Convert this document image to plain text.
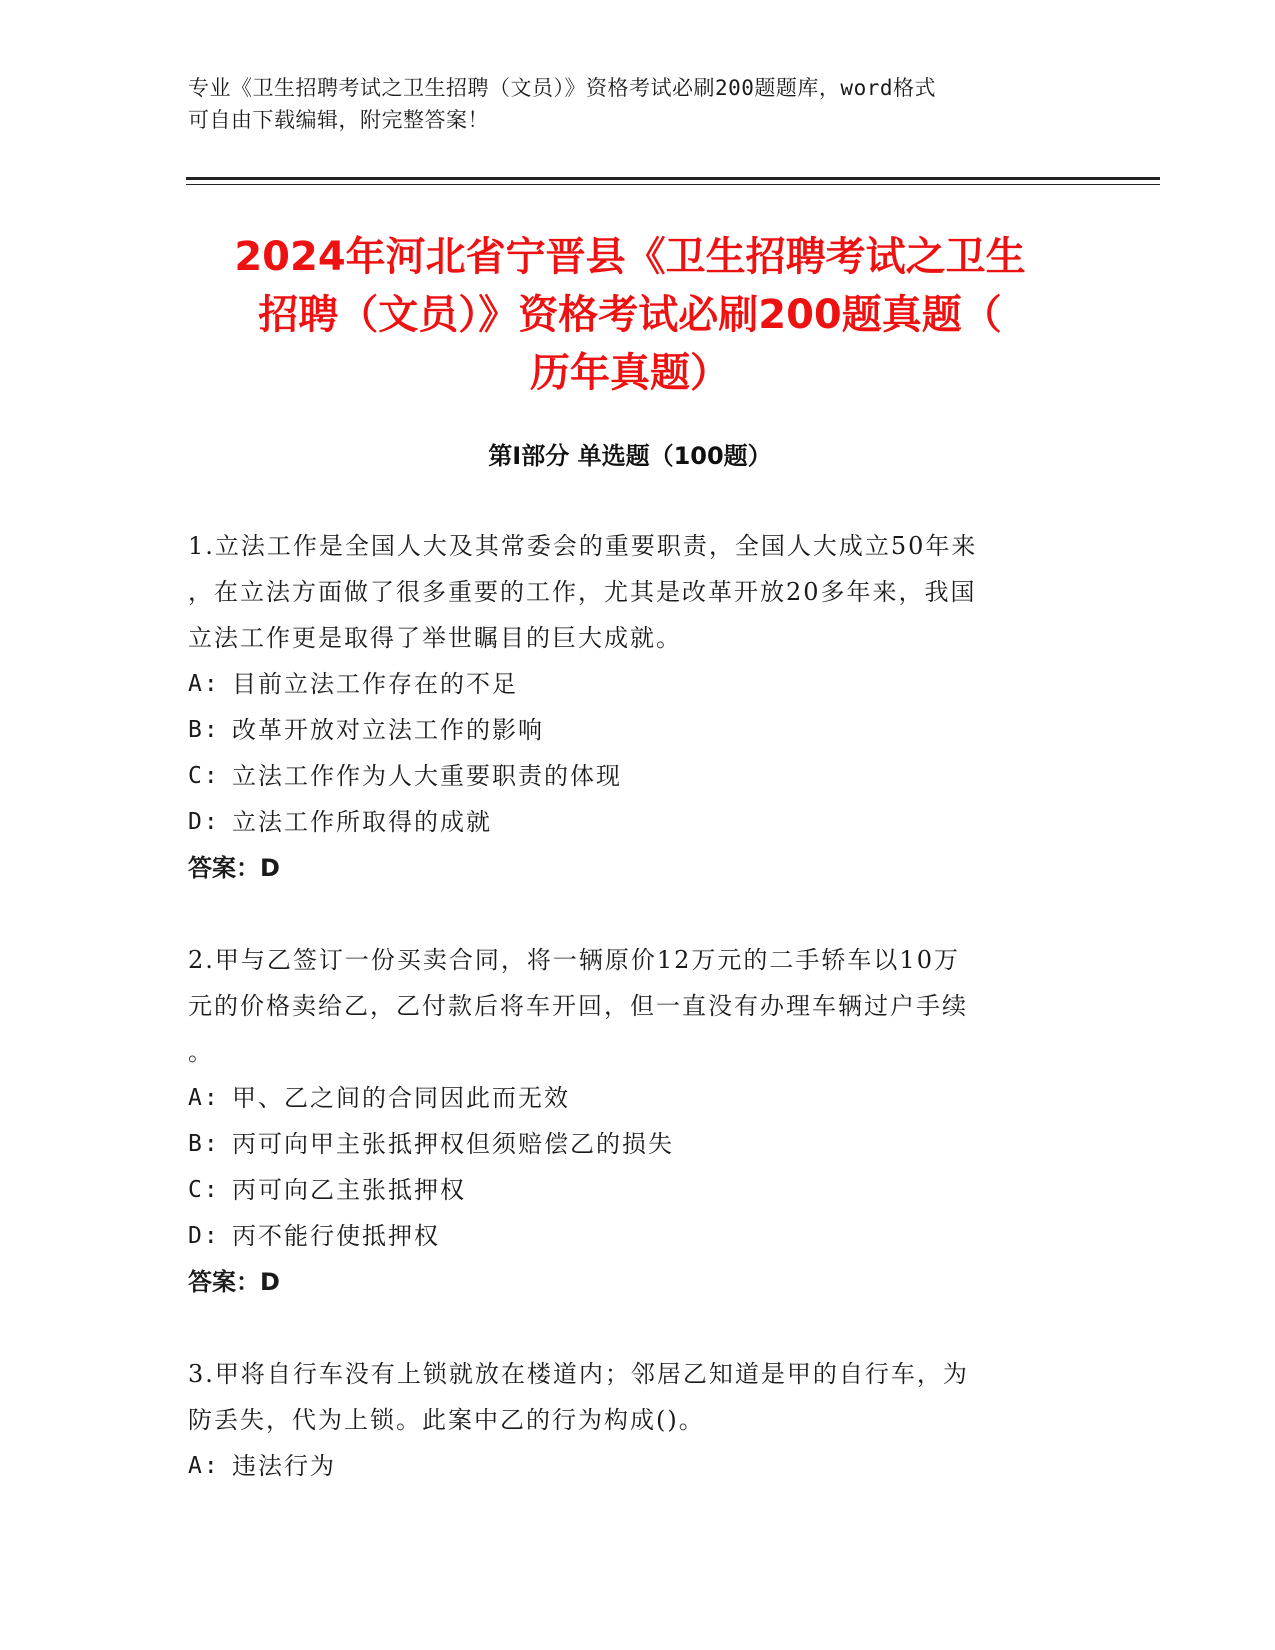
专业《卫生招聘考试之卫生招聘（文员）》资格考试必刷200题题库，word格式
可自由下载编辑，附完整答案！
2024年河北省宁晋县《卫生招聘考试之卫生
招聘（文员）》资格考试必刷200题真题（
历年真题）
第Ⅰ部分 单选题（100题）
1.立法工作是全国人大及其常委会的重要职责，全国人大成立50年来
，在立法方面做了很多重要的工作，尤其是改革开放20多年来，我国
立法工作更是取得了举世瞩目的巨大成就。
A: 目前立法工作存在的不足
B: 改革开放对立法工作的影响
C: 立法工作作为人大重要职责的体现
D: 立法工作所取得的成就
答案：D
2.甲与乙签订一份买卖合同，将一辆原价12万元的二手轿车以10万
元的价格卖给乙，乙付款后将车开回，但一直没有办理车辆过户手续
。
A: 甲、乙之间的合同因此而无效
B: 丙可向甲主张抵押权但须赔偿乙的损失
C: 丙可向乙主张抵押权
D: 丙不能行使抵押权
答案：D
3.甲将自行车没有上锁就放在楼道内；邻居乙知道是甲的自行车，为
防丢失，代为上锁。此案中乙的行为构成()。
A: 违法行为
